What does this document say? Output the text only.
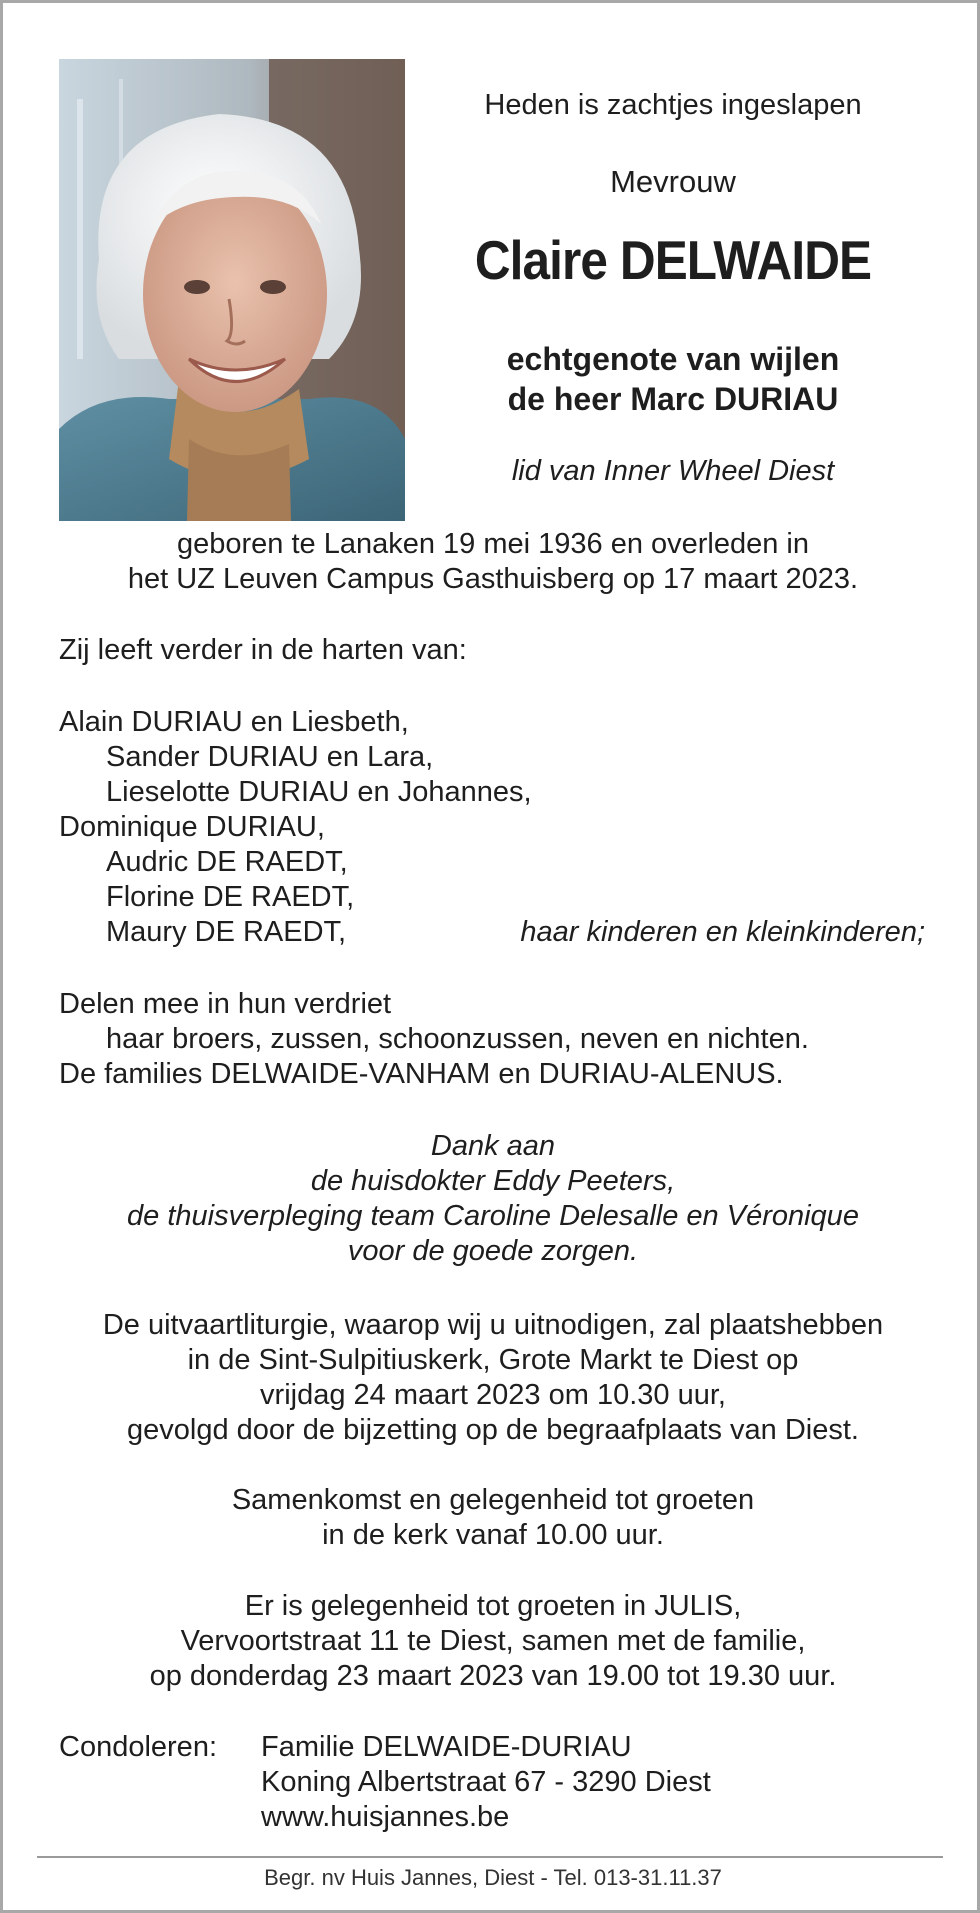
Heden is zachtjes ingeslapen

Mevrouw

Claire DELWAIDE

echtgenote van wijlen
de heer Marc DURIAU

lid van Inner Wheel Diest

geboren te Lanaken 19 mei 1936 en overleden in
het UZ Leuven Campus Gasthuisberg op 17 maart 2023.

Zij leeft verder in de harten van:

Alain DURIAU en Liesbeth,
Sander DURIAU en Lara,
Lieselotte DURIAU en Johannes,
Dominique DURIAU,
Audric DE RAEDT,
Florine DE RAEDT,
Maury DE RAEDT,	haar kinderen en kleinkinderen;
Delen mee in hun verdriet
haar broers, zussen, schoonzussen, neven en nichten.
De families DELWAIDE-VANHAM en DURIAU-ALENUS.
Dank aan
de huisdokter Eddy Peeters,
de thuisverpleging team Caroline Delesalle en Véronique
voor de goede zorgen.
De uitvaartliturgie, waarop wij u uitnodigen, zal plaatshebben
in de Sint-Sulpitiuskerk, Grote Markt te Diest op
vrijdag 24 maart 2023 om 10.30 uur,
gevolgd door de bijzetting op de begraafplaats van Diest.
Samenkomst en gelegenheid tot groeten
in de kerk vanaf 10.00 uur.
Er is gelegenheid tot groeten in JULIS,
Vervoortstraat 11 te Diest, samen met de familie,
op donderdag 23 maart 2023 van 19.00 tot 19.30 uur.
Condoleren: Familie DELWAIDE-DURIAU
Koning Albertstraat 67 - 3290 Diest
www.huisjannes.be

Begr. nv Huis Jannes, Diest - Tel. 013-31.11.37
